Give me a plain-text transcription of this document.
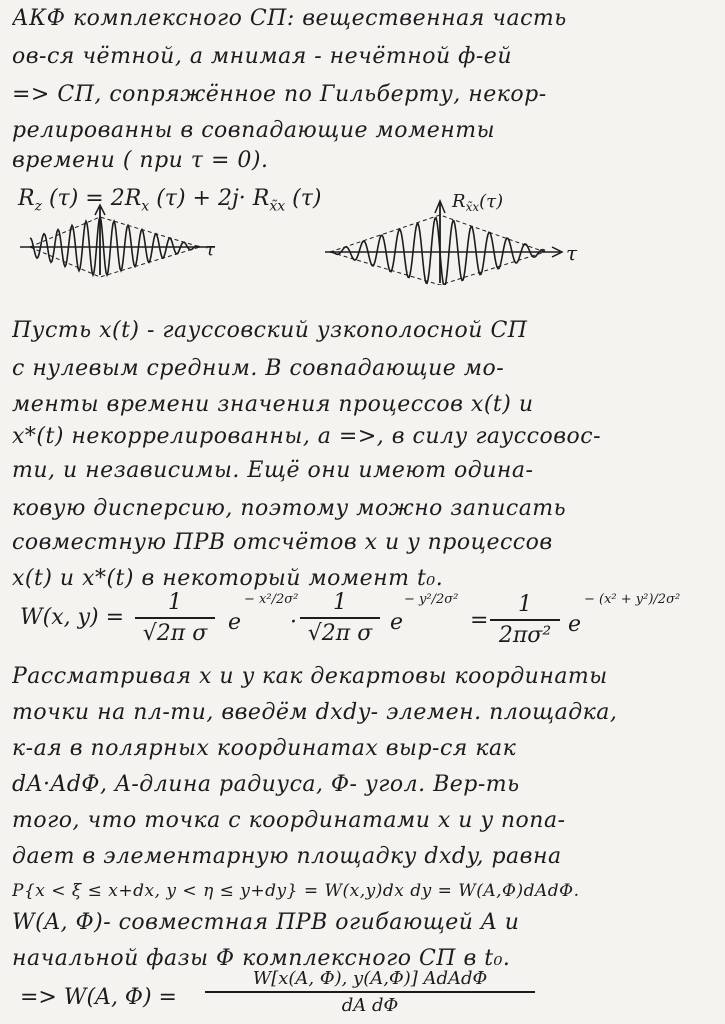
АКФ комплексного СП: вещественная часть
ов-ся чётной, а мнимая - нечётной ф-ей
=> СП, сопряжённое по Гильберту, некор-
релированны в совпадающие моменты
времени ( при τ = 0).
$R_z$ $(\tau) = 2R_x$ $(\tau) + 2j\cdot R_{x̃x}$ (τ)
τ	τ
$R_{x̃x}(\tau)$
Пусть x(t) - гауссовский узкополосной СП
с нулевым средним. В совпадающие мо-
менты времени значения процессов x(t) и
x*(t) некоррелированны, а =>, в силу гауссовос-
ти, и независимы. Ещё они имеют одина-
ковую дисперсию, поэтому можно записать
совместную ПРВ отсчётов x и y процессов
x(t) и x*(t) в некоторый момент t₀.
W(x, y) =
1
√2π σ e
− x²/2σ²
·
1
√2π σ e
− y²/2σ²
=
1
2πσ² e
− (x² + y²)/2σ²
Рассматривая x и y как декартовы координаты
точки на пл-ти, введём dxdy- элемен. площадка,
к-ая в полярных координатах выр-ся как
dA·AdΦ, A-длина радиуса, Φ- угол. Вер-ть
того, что точка с координатами x и y попа-
дает в элементарную площадку dxdy, равна
P{x < ξ ≤ x+dx, y < η ≤ y+dy} = W(x,y)dx dy = W(A,Φ)dAdΦ.
W(A, Φ)- совместная ПРВ огибающей A и
начальной фазы Φ комплексного СП в t₀.
=> W(A, Φ) =
W[x(A, Φ), y(A,Φ)] AdAdΦ
dA dΦ
